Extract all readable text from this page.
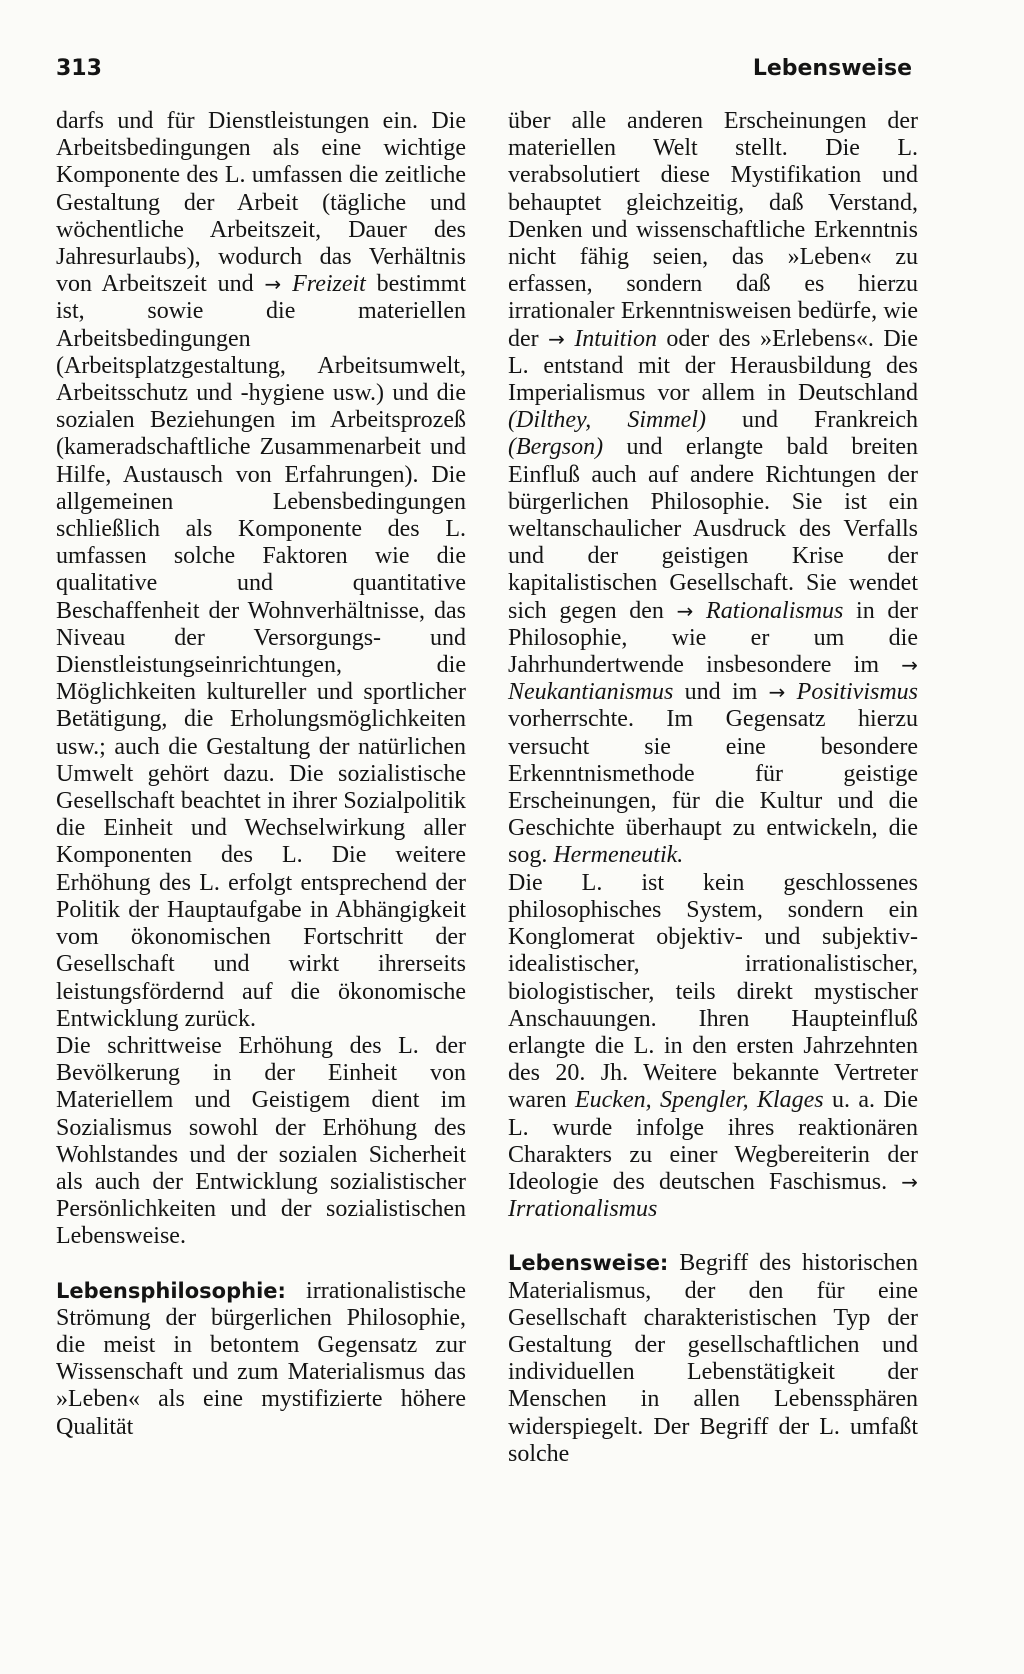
313	Lebensweise

darfs und für Dienstleistungen ein. Die Arbeitsbedingungen als eine wichtige Komponente des L. umfassen die zeitliche Gestaltung der Arbeit (tägliche und wöchentliche Arbeitszeit, Dauer des Jahresurlaubs), wodurch das Verhältnis von Arbeitszeit und → Freizeit bestimmt ist, sowie die materiellen Arbeitsbedingungen (Arbeitsplatzgestaltung, Arbeitsumwelt, Arbeitsschutz und -hygiene usw.) und die sozialen Beziehungen im Arbeitsprozeß (kameradschaftliche Zusammenarbeit und Hilfe, Austausch von Erfahrungen). Die allgemeinen Lebensbedingungen schließlich als Komponente des L. umfassen solche Faktoren wie die qualitative und quantitative Beschaffenheit der Wohnverhältnisse, das Niveau der Versorgungs- und Dienstleistungseinrichtungen, die Möglichkeiten kultureller und sportlicher Betätigung, die Erholungsmöglichkeiten usw.; auch die Gestaltung der natürlichen Umwelt gehört dazu. Die sozialistische Gesellschaft beachtet in ihrer Sozialpolitik die Einheit und Wechselwirkung aller Komponenten des L. Die weitere Erhöhung des L. erfolgt entsprechend der Politik der Hauptaufgabe in Abhängigkeit vom ökonomischen Fortschritt der Gesellschaft und wirkt ihrerseits leistungsfördernd auf die ökonomische Entwicklung zurück.

Die schrittweise Erhöhung des L. der Bevölkerung in der Einheit von Materiellem und Geistigem dient im Sozialismus sowohl der Erhöhung des Wohlstandes und der sozialen Sicherheit als auch der Entwicklung sozialistischer Persönlichkeiten und der sozialistischen Lebensweise.

Lebensphilosophie: irrationalistische Strömung der bürgerlichen Philosophie, die meist in betontem Gegensatz zur Wissenschaft und zum Materialismus das »Leben« als eine mystifizierte höhere Qualität

über alle anderen Erscheinungen der materiellen Welt stellt. Die L. verabsolutiert diese Mystifikation und behauptet gleichzeitig, daß Verstand, Denken und wissenschaftliche Erkenntnis nicht fähig seien, das »Leben« zu erfassen, sondern daß es hierzu irrationaler Erkenntnisweisen bedürfe, wie der → Intuition oder des »Erlebens«. Die L. entstand mit der Herausbildung des Imperialismus vor allem in Deutschland (Dilthey, Simmel) und Frankreich (Bergson) und erlangte bald breiten Einfluß auch auf andere Richtungen der bürgerlichen Philosophie. Sie ist ein weltanschaulicher Ausdruck des Verfalls und der geistigen Krise der kapitalistischen Gesellschaft. Sie wendet sich gegen den → Rationalismus in der Philosophie, wie er um die Jahrhundertwende insbesondere im → Neukantianismus und im → Positivismus vorherrschte. Im Gegensatz hierzu versucht sie eine besondere Erkenntnismethode für geistige Erscheinungen, für die Kultur und die Geschichte überhaupt zu entwickeln, die sog. Hermeneutik.

Die L. ist kein geschlossenes philosophisches System, sondern ein Konglomerat objektiv- und subjektiv-idealistischer, irrationalistischer, biologistischer, teils direkt mystischer Anschauungen. Ihren Haupteinfluß erlangte die L. in den ersten Jahrzehnten des 20. Jh. Weitere bekannte Vertreter waren Eucken, Spengler, Klages u. a. Die L. wurde infolge ihres reaktionären Charakters zu einer Wegbereiterin der Ideologie des deutschen Faschismus. → Irrationalismus

Lebensweise: Begriff des historischen Materialismus, der den für eine Gesellschaft charakteristischen Typ der Gestaltung der gesellschaftlichen und individuellen Lebenstätigkeit der Menschen in allen Lebenssphären widerspiegelt. Der Begriff der L. umfaßt solche
